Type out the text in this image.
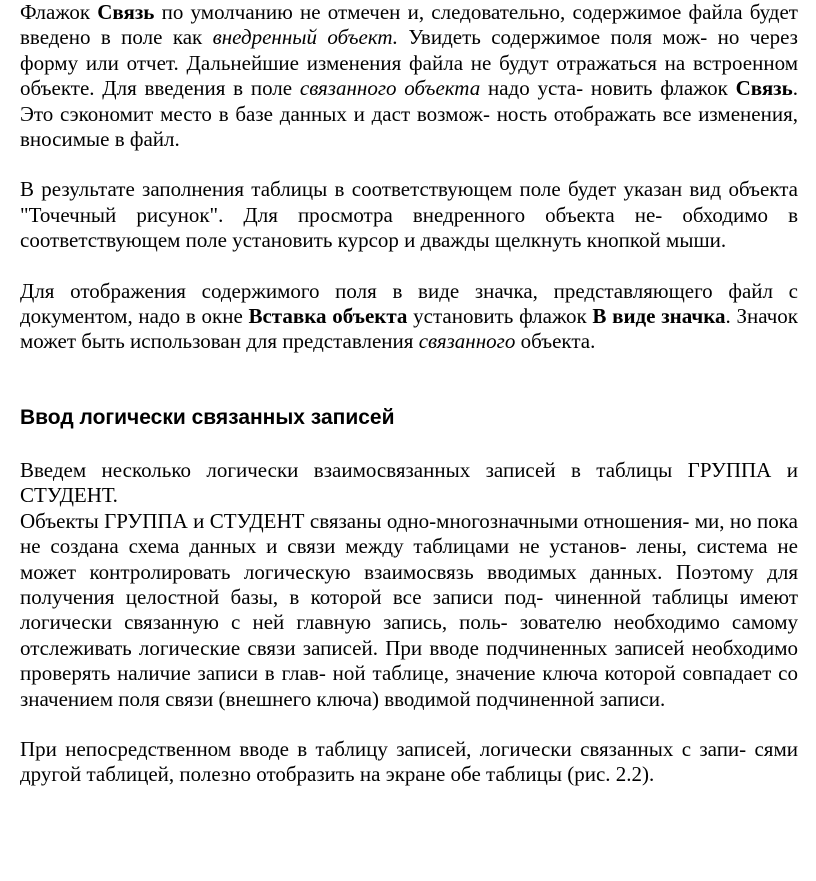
Флажок Связь по умолчанию не отмечен и, следовательно, содержимое файла будет введено в поле как внедренный объект. Увидеть содержимое поля мож- но через форму или отчет. Дальнейшие изменения файла не будут отражаться на встроенном объекте. Для введения в поле связанного объекта надо уста- новить флажок Связь. Это сэкономит место в базе данных и даст возмож- ность отображать все изменения, вносимые в файл.

В результате заполнения таблицы в соответствующем поле будет указан вид объекта "Точечный рисунок". Для просмотра внедренного объекта не- обходимо в соответствующем поле установить курсор и дважды щелкнуть кнопкой мыши.

Для отображения содержимого поля в виде значка, представляющего файл с документом, надо в окне Вставка объекта установить флажок В виде значка. Значок может быть использован для представления связанного объекта.

Ввод логически связанных записей

Введем несколько логически взаимосвязанных записей в таблицы ГРУППА и СТУДЕНТ.

Объекты ГРУППА и СТУДЕНТ связаны одно-многозначными отношения- ми, но пока не создана схема данных и связи между таблицами не установ- лены, система не может контролировать логическую взаимосвязь вводимых данных. Поэтому для получения целостной базы, в которой все записи под- чиненной таблицы имеют логически связанную с ней главную запись, поль- зователю необходимо самому отслеживать логические связи записей. При вводе подчиненных записей необходимо проверять наличие записи в глав- ной таблице, значение ключа которой совпадает со значением поля связи (внешнего ключа) вводимой подчиненной записи.

При непосредственном вводе в таблицу записей, логически связанных с запи- сями другой таблицей, полезно отобразить на экране обе таблицы (рис. 2.2).
